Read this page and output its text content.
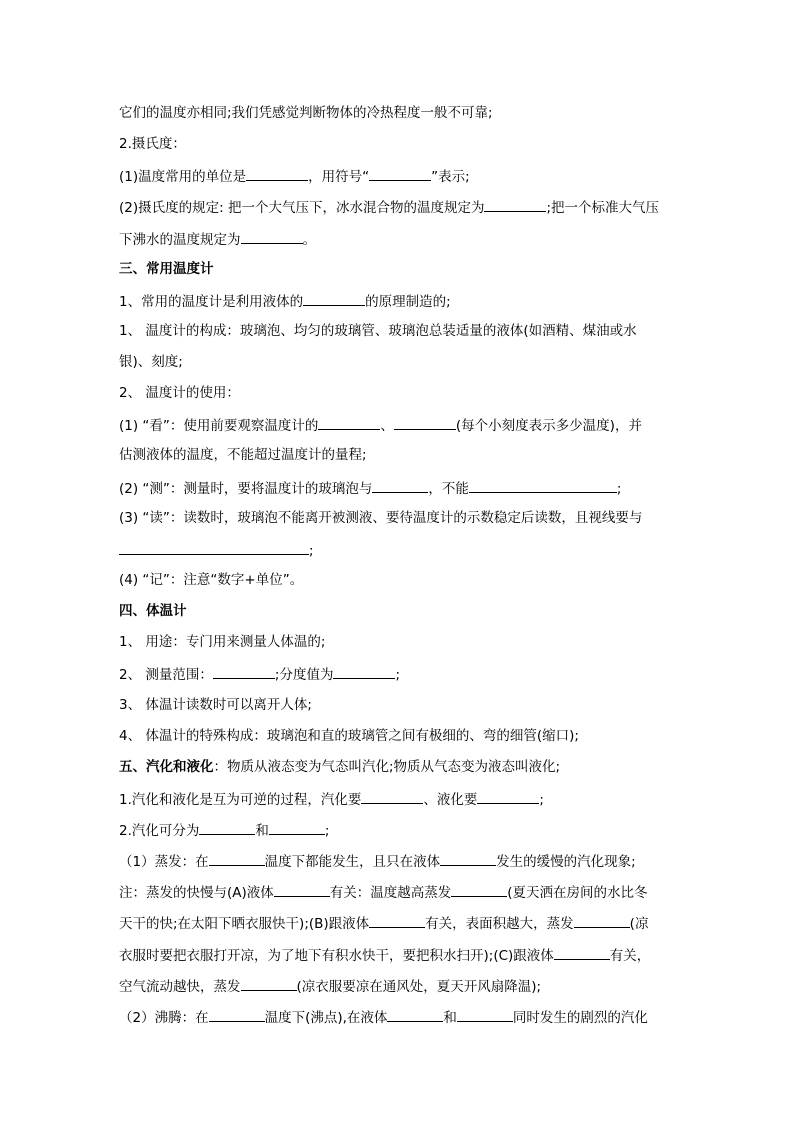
它们的温度亦相同;我们凭感觉判断物体的冷热程度一般不可靠;
2.摄氏度：
(1)温度常用的单位是	，用符号“	”表示;
(2)摄氏度的规定: 把一个大气压下，冰水混合物的温度规定为	;把一个标准大气压
下沸水的温度规定为	。
三、常用温度计
1、常用的温度计是利用液体的	的原理制造的;
1、 温度计的构成：玻璃泡、均匀的玻璃管、玻璃泡总装适量的液体(如酒精、煤油或水
银)、刻度;
2、 温度计的使用：
(1) “看”：使用前要观察温度计的	、	(每个小刻度表示多少温度)，并
估测液体的温度，不能超过温度计的量程;
(2) “测”：测量时，要将温度计的玻璃泡与	，不能	;
(3) “读”：读数时，玻璃泡不能离开被测液、要待温度计的示数稳定后读数，且视线要与
;
(4) “记”：注意“数字+单位”。
四、体温计
1、 用途：专门用来测量人体温的;
2、 测量范围：	;分度值为	;
3、 体温计读数时可以离开人体;
4、 体温计的特殊构成：玻璃泡和直的玻璃管之间有极细的、弯的细管(缩口);
五、汽化和液化：物质从液态变为气态叫汽化;物质从气态变为液态叫液化;
1.汽化和液化是互为可逆的过程，汽化要	、液化要	;
2.汽化可分为	和	;
（1）蒸发：在	温度下都能发生，且只在液体	发生的缓慢的汽化现象;
注：蒸发的快慢与(A)液体	有关：温度越高蒸发	(夏天洒在房间的水比冬
天干的快;在太阳下晒衣服快干);(B)跟液体	有关，表面积越大，蒸发	(凉
衣服时要把衣服打开凉，为了地下有积水快干，要把积水扫开);(C)跟液体	有关，
空气流动越快，蒸发	(凉衣服要凉在通风处，夏天开风扇降温);
（2）沸腾：在	温度下(沸点),在液体	和	同时发生的剧烈的汽化
